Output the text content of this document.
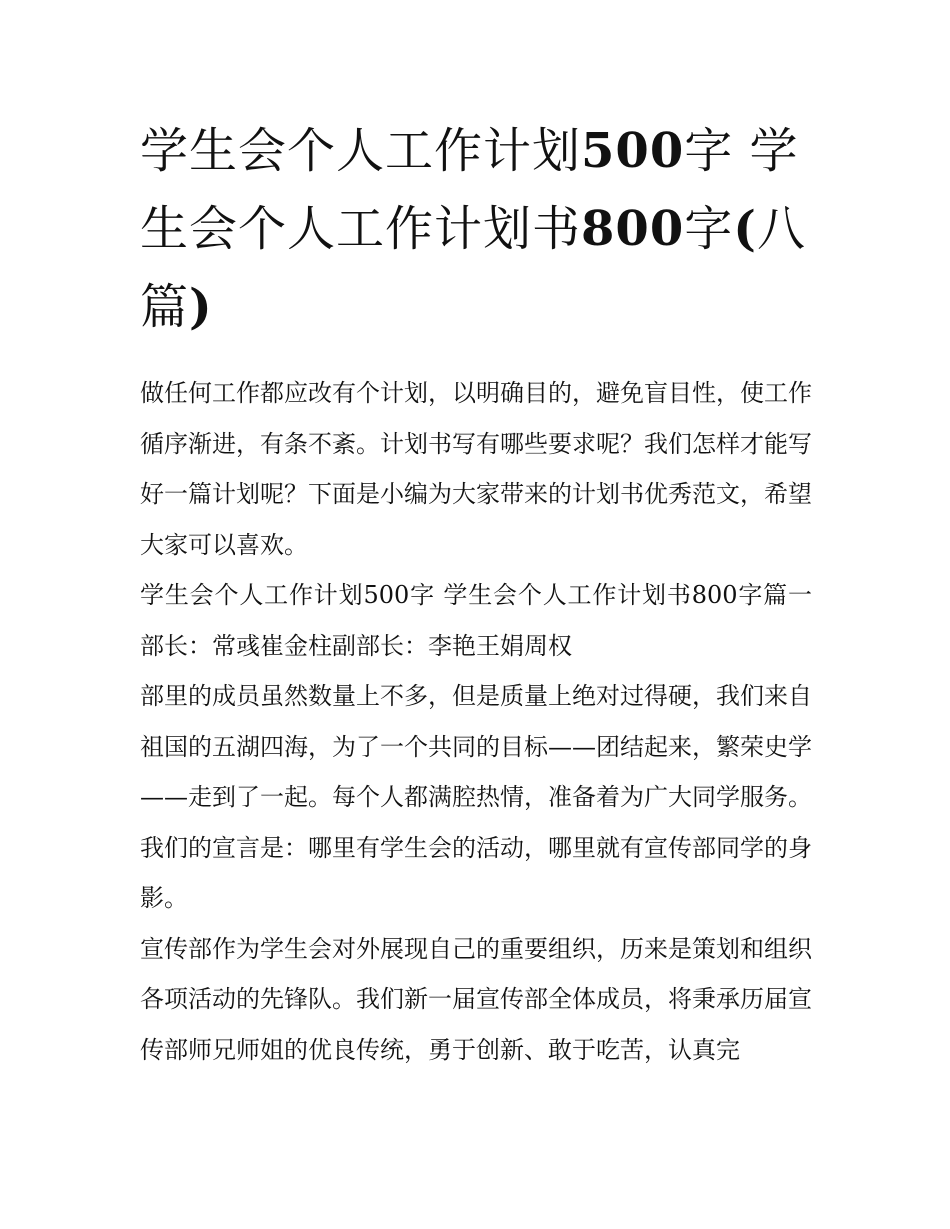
学生会个人工作计划500字 学生会个人工作计划书800字(八篇)

做任何工作都应改有个计划，以明确目的，避免盲目性，使工作循序渐进，有条不紊。计划书写有哪些要求呢？我们怎样才能写好一篇计划呢？下面是小编为大家带来的计划书优秀范文，希望大家可以喜欢。

学生会个人工作计划500字 学生会个人工作计划书800字篇一 部长：常彧崔金柱副部长：李艳王娟周权

部里的成员虽然数量上不多，但是质量上绝对过得硬，我们来自祖国的五湖四海，为了一个共同的目标——团结起来，繁荣史学——走到了一起。每个人都满腔热情，准备着为广大同学服务。

我们的宣言是：哪里有学生会的活动，哪里就有宣传部同学的身影。

宣传部作为学生会对外展现自己的重要组织，历来是策划和组织各项活动的先锋队。我们新一届宣传部全体成员，将秉承历届宣传部师兄师姐的优良传统，勇于创新、敢于吃苦，认真完
